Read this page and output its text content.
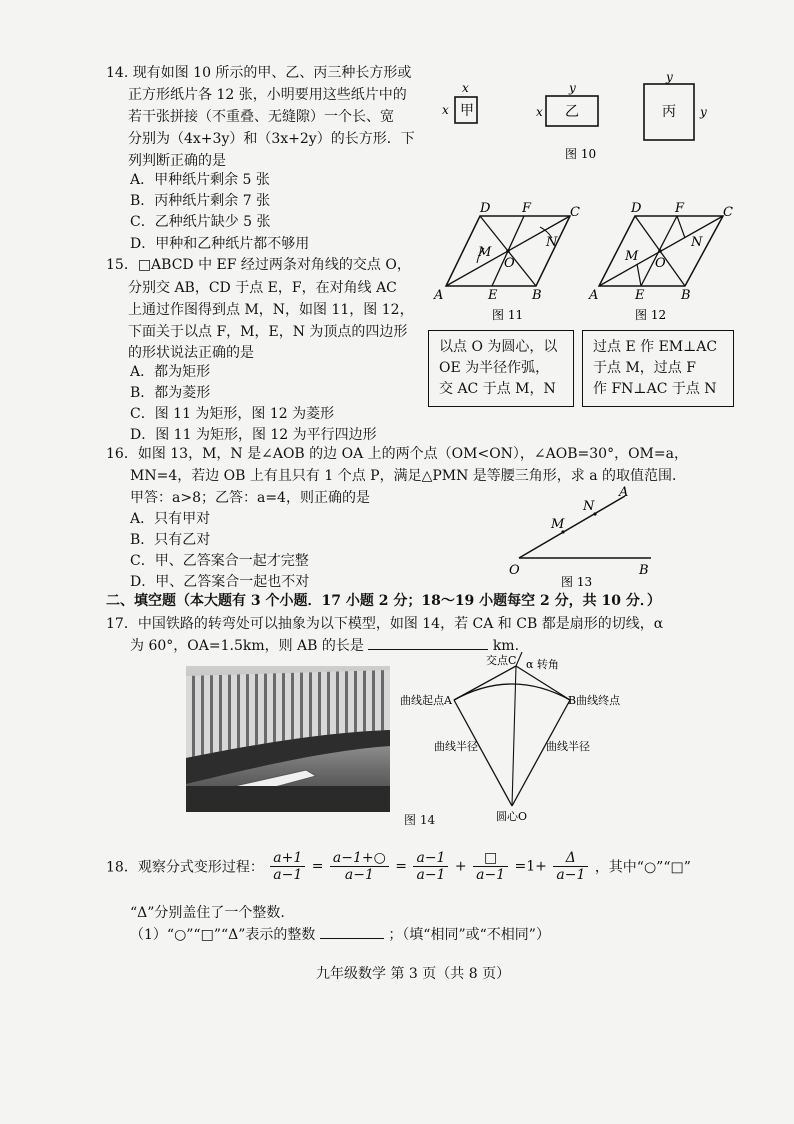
14. 现有如图 10 所示的甲、乙、丙三种长方形或
正方形纸片各 12 张，小明要用这些纸片中的
若干张拼接（不重叠、无缝隙）一个长、宽
分别为（4x+3y）和（3x+2y）的长方形．下
列判断正确的是
A．甲种纸片剩余 5 张
B．丙种纸片剩余 7 张
C．乙种纸片缺少 5 张
D．甲种和乙种纸片都不够用
甲
x
x	乙
y
x	丙
y
y
图 10
15．□ABCD 中 EF 经过两条对角线的交点 O，
分别交 AB，CD 于点 E，F，在对角线 AC
上通过作图得到点 M，N，如图 11，图 12，
下面关于以点 F，M，E，N 为顶点的四边形
的形状说法正确的是
A．都为矩形
B．都为菱形
C．图 11 为矩形，图 12 为菱形
D．图 11 为矩形，图 12 为平行四边形
A	B
C
D
E
F
M
N
O
图 11
A	B
C
D
E
F
M
N
O
图 12
以点 O 为圆心，以
OE 为半径作弧，
交 AC 于点 M，N
过点 E 作 EM⊥AC
于点 M，过点 F
作 FN⊥AC 于点 N
16．如图 13，M，N 是∠AOB 的边 OA 上的两个点（OM<ON），∠AOB=30°，OM=a，
MN=4，若边 OB 上有且只有 1 个点 P，满足△PMN 是等腰三角形，求 a 的取值范围．
甲答：a>8；乙答：a=4，则正确的是
A．只有甲对
B．只有乙对
C．甲、乙答案合一起才完整
D．甲、乙答案合一起也不对
O	B
M
N
A
图 13
二、填空题（本大题有 3 个小题．17 小题 2 分；18～19 小题每空 2 分，共 10 分．）
17．中国铁路的转弯处可以抽象为以下模型，如图 14，若 CA 和 CB 都是扇形的切线，α
为 60°，OA=1.5km，则 AB 的长是	km.
图 14
交点C α 转角
曲线起点A	B曲线终点
曲线半径	曲线半径
圆心O
18．观察分式变形过程： $\frac{a+1}{a-1} = \frac{a-1+○}{a-1} = \frac{a-1}{a-1} + \frac{□}{a-1} =1+ \frac{\Delta}{a-1}$ ，其中“○”“□”
“Δ”分别盖住了一个整数.
（1）“○”“□”“Δ”表示的整数	；（填“相同”或“不相同”）
九年级数学 第 3 页（共 8 页）
